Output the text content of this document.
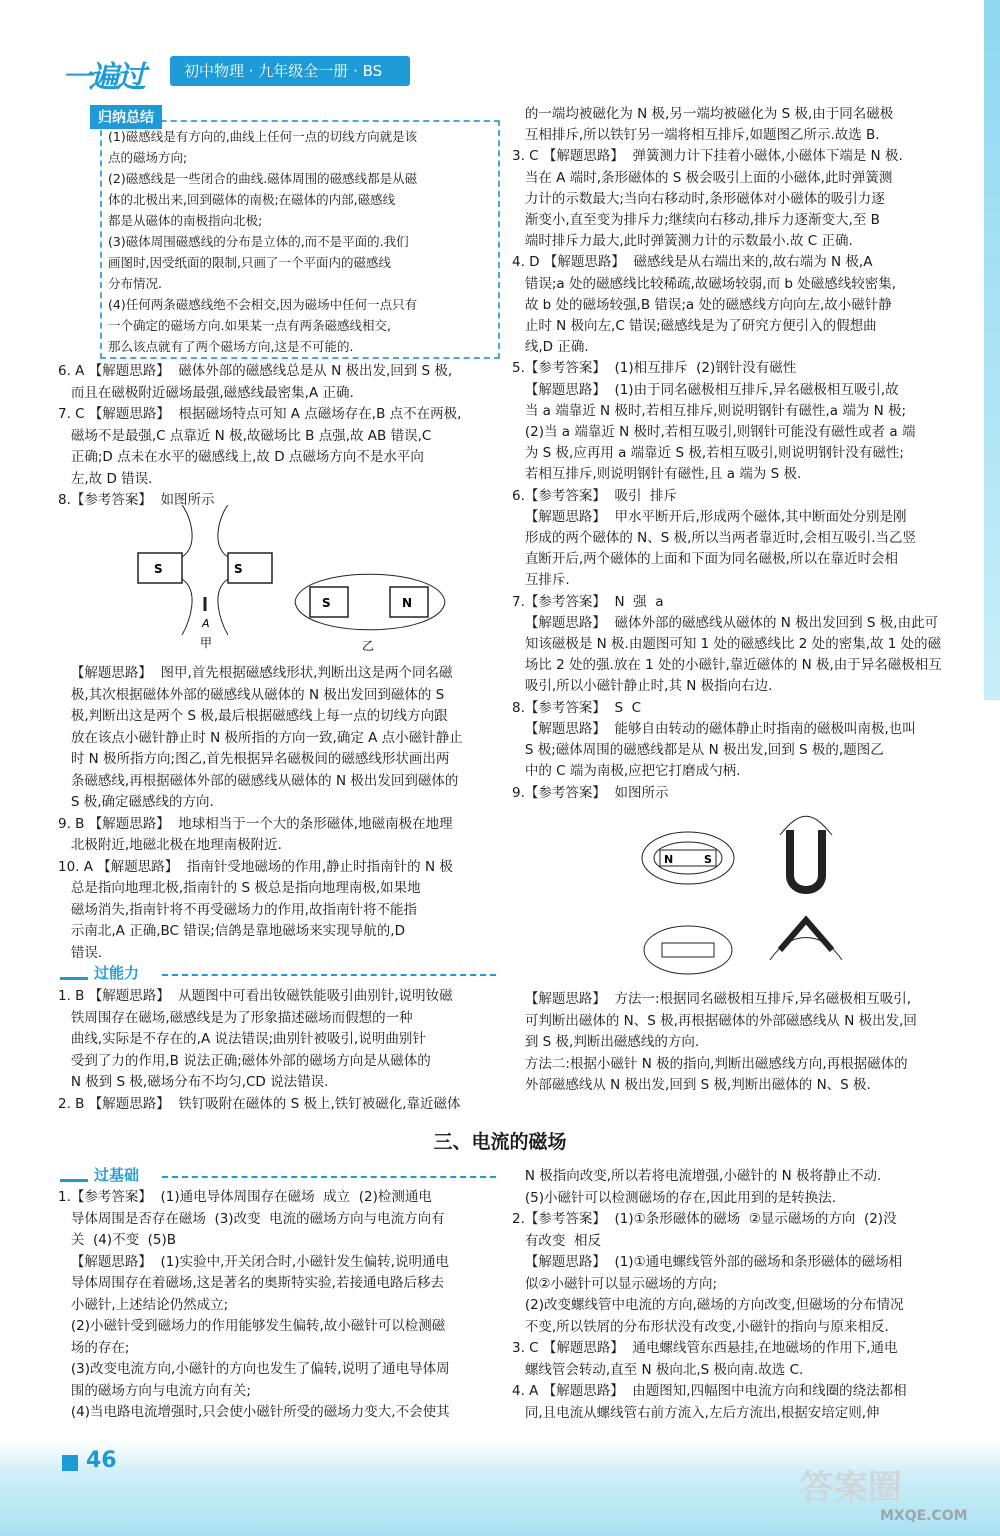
一遍过	初中物理 · 九年级全一册 · BS
归纳总结
(1)磁感线是有方向的,曲线上任何一点的切线方向就是该
点的磁场方向;
(2)磁感线是一些闭合的曲线.磁体周围的磁感线都是从磁
体的北极出来,回到磁体的南极;在磁体的内部,磁感线
都是从磁体的南极指向北极;
(3)磁体周围磁感线的分布是立体的,而不是平面的.我们
画图时,因受纸面的限制,只画了一个平面内的磁感线
分布情况.
(4)任何两条磁感线绝不会相交,因为磁场中任何一点只有
一个确定的磁场方向.如果某一点有两条磁感线相交,
那么该点就有了两个磁场方向,这是不可能的.
6. A 【解题思路】  磁体外部的磁感线总是从 N 极出发,回到 S 极,
而且在磁极附近磁场最强,磁感线最密集,A 正确.
7. C 【解题思路】  根据磁场特点可知 A 点磁场存在,B 点不在两极,
磁场不是最强,C 点靠近 N 极,故磁场比 B 点强,故 AB 错误,C
正确;D 点未在水平的磁感线上,故 D 点磁场方向不是水平向
左,故 D 错误.
8.【参考答案】  如图所示
S	S
A
甲
S	N
乙
【解题思路】  图甲,首先根据磁感线形状,判断出这是两个同名磁
极,其次根据磁体外部的磁感线从磁体的 N 极出发回到磁体的 S
极,判断出这是两个 S 极,最后根据磁感线上每一点的切线方向跟
放在该点小磁针静止时 N 极所指的方向一致,确定 A 点小磁针静止
时 N 极所指方向;图乙,首先根据异名磁极间的磁感线形状画出两
条磁感线,再根据磁体外部的磁感线从磁体的 N 极出发回到磁体的
S 极,确定磁感线的方向.
9. B 【解题思路】  地球相当于一个大的条形磁体,地磁南极在地理
北极附近,地磁北极在地理南极附近.
10. A 【解题思路】  指南针受地磁场的作用,静止时指南针的 N 极
总是指向地理北极,指南针的 S 极总是指向地理南极,如果地
磁场消失,指南针将不再受磁场力的作用,故指南针将不能指
示南北,A 正确,BC 错误;信鸽是靠地磁场来实现导航的,D
错误.
过能力
1. B 【解题思路】  从题图中可看出钕磁铁能吸引曲别针,说明钕磁
铁周围存在磁场,磁感线是为了形象描述磁场而假想的一种
曲线,实际是不存在的,A 说法错误;曲别针被吸引,说明曲别针
受到了力的作用,B 说法正确;磁体外部的磁场方向是从磁体的
N 极到 S 极,磁场分布不均匀,CD 说法错误.
2. B 【解题思路】  铁钉吸附在磁体的 S 极上,铁钉被磁化,靠近磁体
的一端均被磁化为 N 极,另一端均被磁化为 S 极,由于同名磁极
互相排斥,所以铁钉另一端将相互排斥,如题图乙所示.故选 B.
3. C 【解题思路】  弹簧测力计下挂着小磁体,小磁体下端是 N 极.
当在 A 端时,条形磁体的 S 极会吸引上面的小磁体,此时弹簧测
力计的示数最大;当向右移动时,条形磁体对小磁体的吸引力逐
渐变小,直至变为排斥力;继续向右移动,排斥力逐渐变大,至 B
端时排斥力最大,此时弹簧测力计的示数最小.故 C 正确.
4. D 【解题思路】  磁感线是从右端出来的,故右端为 N 极,A
错误;a 处的磁感线比较稀疏,故磁场较弱,而 b 处磁感线较密集,
故 b 处的磁场较强,B 错误;a 处的磁感线方向向左,故小磁针静
止时 N 极向左,C 错误;磁感线是为了研究方便引入的假想曲
线,D 正确.
5.【参考答案】  (1)相互排斥  (2)钢针没有磁性
【解题思路】  (1)由于同名磁极相互排斥,异名磁极相互吸引,故
当 a 端靠近 N 极时,若相互排斥,则说明钢针有磁性,a 端为 N 极;
(2)当 a 端靠近 N 极时,若相互吸引,则钢针可能没有磁性或者 a 端
为 S 极,应再用 a 端靠近 S 极,若相互吸引,则说明钢针没有磁性;
若相互排斥,则说明钢针有磁性,且 a 端为 S 极.
6.【参考答案】  吸引  排斥
【解题思路】  甲水平断开后,形成两个磁体,其中断面处分别是刚
形成的两个磁体的 N、S 极,所以当两者靠近时,会相互吸引.当乙竖
直断开后,两个磁体的上面和下面为同名磁极,所以在靠近时会相
互排斥.
7.【参考答案】  N  强  a
【解题思路】  磁体外部的磁感线从磁体的 N 极出发回到 S 极,由此可
知该磁极是 N 极.由题图可知 1 处的磁感线比 2 处的密集,故 1 处的磁
场比 2 处的强.放在 1 处的小磁针,靠近磁体的 N 极,由于异名磁极相互
吸引,所以小磁针静止时,其 N 极指向右边.
8.【参考答案】  S  C
【解题思路】  能够自由转动的磁体静止时指南的磁极叫南极,也叫
S 极;磁体周围的磁感线都是从 N 极出发,回到 S 极的,题图乙
中的 C 端为南极,应把它打磨成勺柄.
9.【参考答案】  如图所示
N	S
【解题思路】  方法一:根据同名磁极相互排斥,异名磁极相互吸引,
可判断出磁体的 N、S 极,再根据磁体的外部磁感线从 N 极出发,回
到 S 极,判断出磁感线的方向.
方法二:根据小磁针 N 极的指向,判断出磁感线方向,再根据磁体的
外部磁感线从 N 极出发,回到 S 极,判断出磁体的 N、S 极.
三、电流的磁场
过基础
1.【参考答案】  (1)通电导体周围存在磁场  成立  (2)检测通电
导体周围是否存在磁场  (3)改变  电流的磁场方向与电流方向有
关  (4)不变  (5)B
【解题思路】  (1)实验中,开关闭合时,小磁针发生偏转,说明通电
导体周围存在着磁场,这是著名的奥斯特实验,若接通电路后移去
小磁针,上述结论仍然成立;
(2)小磁针受到磁场力的作用能够发生偏转,故小磁针可以检测磁
场的存在;
(3)改变电流方向,小磁针的方向也发生了偏转,说明了通电导体周
围的磁场方向与电流方向有关;
(4)当电路电流增强时,只会使小磁针所受的磁场力变大,不会使其
N 极指向改变,所以若将电流增强,小磁针的 N 极将静止不动.
(5)小磁针可以检测磁场的存在,因此用到的是转换法.
2.【参考答案】  (1)①条形磁体的磁场  ②显示磁场的方向  (2)没
有改变  相反
【解题思路】  (1)①通电螺线管外部的磁场和条形磁体的磁场相
似②小磁针可以显示磁场的方向;
(2)改变螺线管中电流的方向,磁场的方向改变,但磁场的分布情况
不变,所以铁屑的分布形状没有改变,小磁针的指向与原来相反.
3. C 【解题思路】  通电螺线管东西悬挂,在地磁场的作用下,通电
螺线管会转动,直至 N 极向北,S 极向南.故选 C.
4. A 【解题思路】  由题图知,四幅图中电流方向和线圈的绕法都相
同,且电流从螺线管右前方流入,左后方流出,根据安培定则,伸
46
答案圈
MXQE.COM
